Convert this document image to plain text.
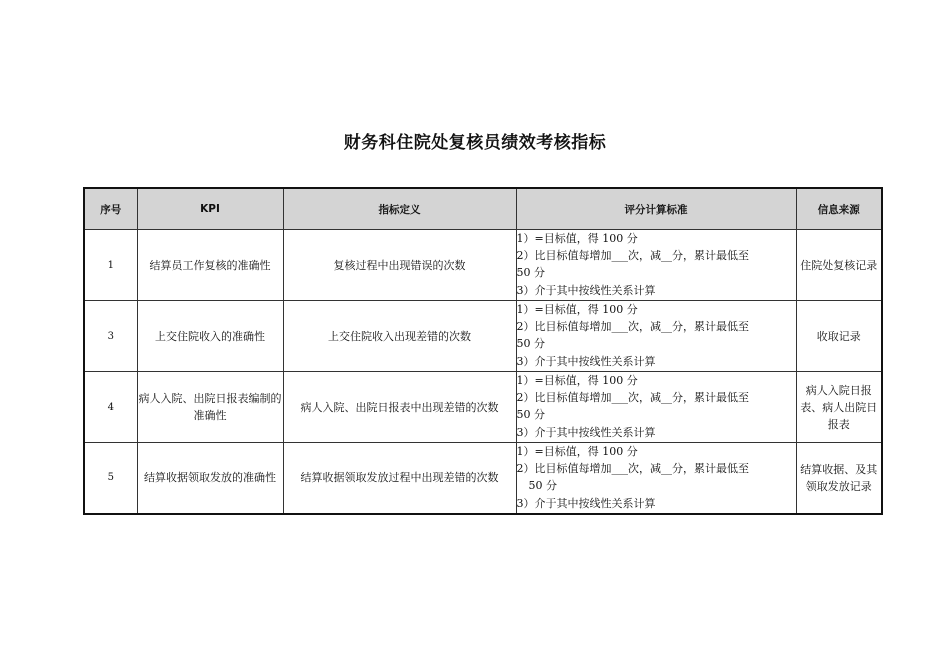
财务科住院处复核员绩效考核指标
序号	KPI	指标定义	评分计算标准	信息来源
1	结算员工作复核的准确性	复核过程中出现错误的次数	1）=目标值，得 100 分
2）比目标值每增加___次，减__分，累计最低至
50 分
3）介于其中按线性关系计算	住院处复核记录
3	上交住院收入的准确性	上交住院收入出现差错的次数	1）=目标值，得 100 分
2）比目标值每增加___次，减__分，累计最低至
50 分
3）介于其中按线性关系计算	收取记录
4	病人入院、出院日报表编制的准确性	病人入院、出院日报表中出现差错的次数	1）=目标值，得 100 分
2）比目标值每增加___次，减__分，累计最低至
50 分
3）介于其中按线性关系计算	病人入院日报表、病人出院日报表
5	结算收据领取发放的准确性	结算收据领取发放过程中出现差错的次数	1）=目标值，得 100 分
2）比目标值每增加___次，减__分，累计最低至
50 分
3）介于其中按线性关系计算	结算收据、及其领取发放记录
